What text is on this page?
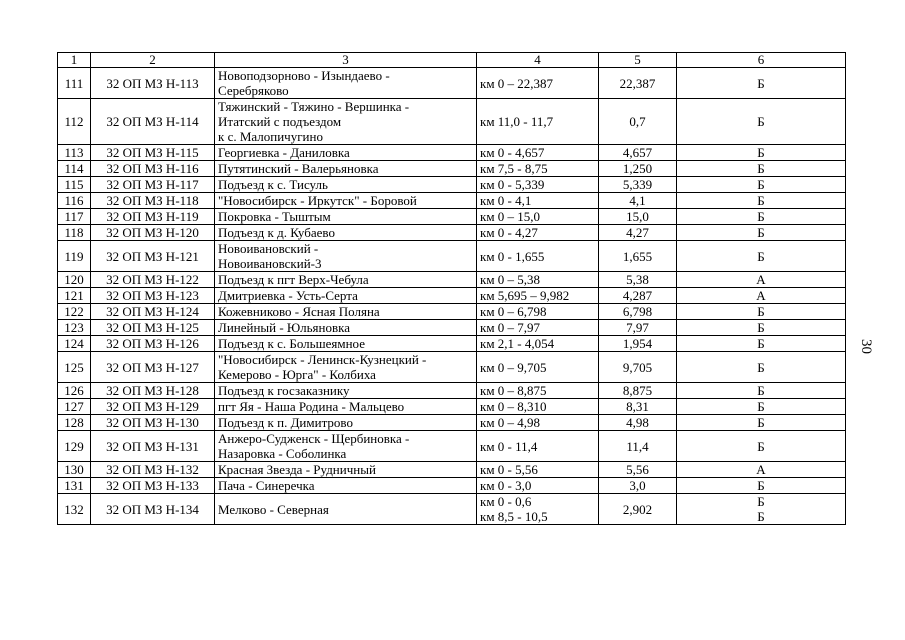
1	2	3	4	5	6
111	32 ОП МЗ Н-113	Новоподзорново - Изындаево -
Серебряково	км 0 – 22,387	22,387	Б

112	32 ОП МЗ Н-114	Тяжинский - Тяжино - Вершинка -
Итатский с подъездом
к с. Малопичугино	км 11,0 - 11,7	0,7	Б

113	32 ОП МЗ Н-115	Георгиевка - Даниловка	км 0 - 4,657	4,657	Б

114	32 ОП МЗ Н-116	Путятинский - Валерьяновка	км 7,5 - 8,75	1,250	Б

115	32 ОП МЗ Н-117	Подъезд к с. Тисуль	км 0 - 5,339	5,339	Б

116	32 ОП МЗ Н-118	"Новосибирск - Иркутск" - Боровой	км 0 - 4,1	4,1	Б

117	32 ОП МЗ Н-119	Покровка - Тыштым	км 0 – 15,0	15,0	Б

118	32 ОП МЗ Н-120	Подъезд к д. Кубаево	км 0 - 4,27	4,27	Б

119	32 ОП МЗ Н-121	Новоивановский -
Новоивановский-3	км 0 - 1,655	1,655	Б

120	32 ОП МЗ Н-122	Подъезд к пгт Верх-Чебула	км 0 – 5,38	5,38	А

121	32 ОП МЗ Н-123	Дмитриевка - Усть-Серта	км 5,695 – 9,982	4,287	А

122	32 ОП МЗ Н-124	Кожевниково - Ясная Поляна	км 0 – 6,798	6,798	Б

123	32 ОП МЗ Н-125	Линейный - Юльяновка	км 0 – 7,97	7,97	Б

124	32 ОП МЗ Н-126	Подъезд к с. Большеямное	км 2,1 - 4,054	1,954	Б

125	32 ОП МЗ Н-127	"Новосибирск - Ленинск-Кузнецкий -
Кемерово - Юрга" - Колбиха	км 0 – 9,705	9,705	Б

126	32 ОП МЗ Н-128	Подъезд к госзаказнику	км 0 – 8,875	8,875	Б

127	32 ОП МЗ Н-129	пгт Яя - Наша Родина - Мальцево	км 0 – 8,310	8,31	Б

128	32 ОП МЗ Н-130	Подъезд к п. Димитрово	км 0 – 4,98	4,98	Б

129	32 ОП МЗ Н-131	Анжеро-Судженск - Щербиновка -
Назаровка - Соболинка	км 0 - 11,4	11,4	Б

130	32 ОП МЗ Н-132	Красная Звезда - Рудничный	км 0 - 5,56	5,56	А

131	32 ОП МЗ Н-133	Пача - Синеречка	км 0 - 3,0	3,0	Б

132	32 ОП МЗ Н-134	Мелково - Северная	км 0 - 0,6
км 8,5 - 10,5	2,902	Б
Б
30
